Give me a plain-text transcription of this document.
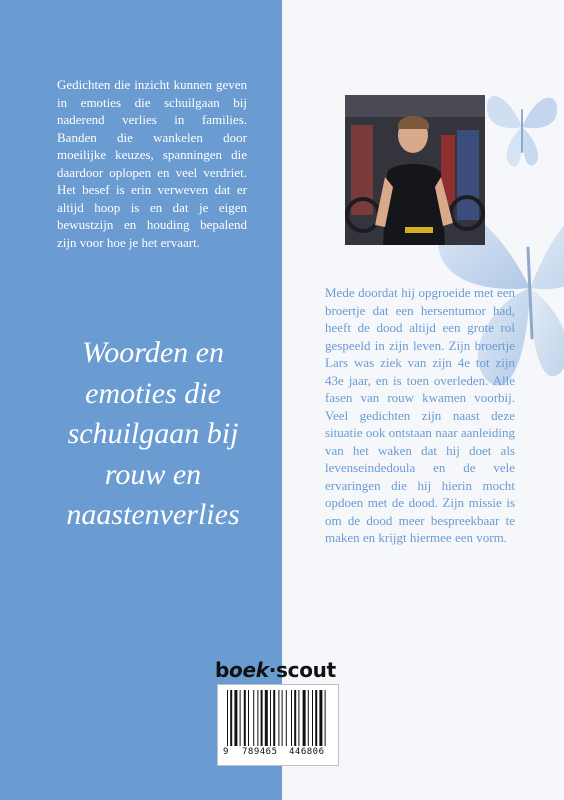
Gedichten die inzicht kunnen geven in emoties die schuilgaan bij naderend verlies in families. Banden die wankelen door moeilijke keuzes, spanningen die daardoor oplopen en veel verdriet. Het besef is erin verweven dat er altijd hoop is en dat je eigen bewustzijn en houding bepalend zijn voor hoe je het ervaart.

Woorden en emoties die schuilgaan bij rouw en naastenverlies

Mede doordat hij opgroeide met een broertje dat een hersentumor had, heeft de dood altijd een grote rol gespeeld in zijn leven. Zijn broertje Lars was ziek van zijn 4e tot zijn 43e jaar, en is toen overleden. Alle fasen van rouw kwamen voorbij. Veel gedichten zijn naast deze situatie ook ontstaan naar aanleiding van het waken dat hij doet als levenseindedoula en de vele ervaringen die hij hierin mocht opdoen met de dood. Zijn missie is om de dood meer bespreekbaar te maken en krijgt hiermee een vorm.

boek·scout
9 789465 446806
